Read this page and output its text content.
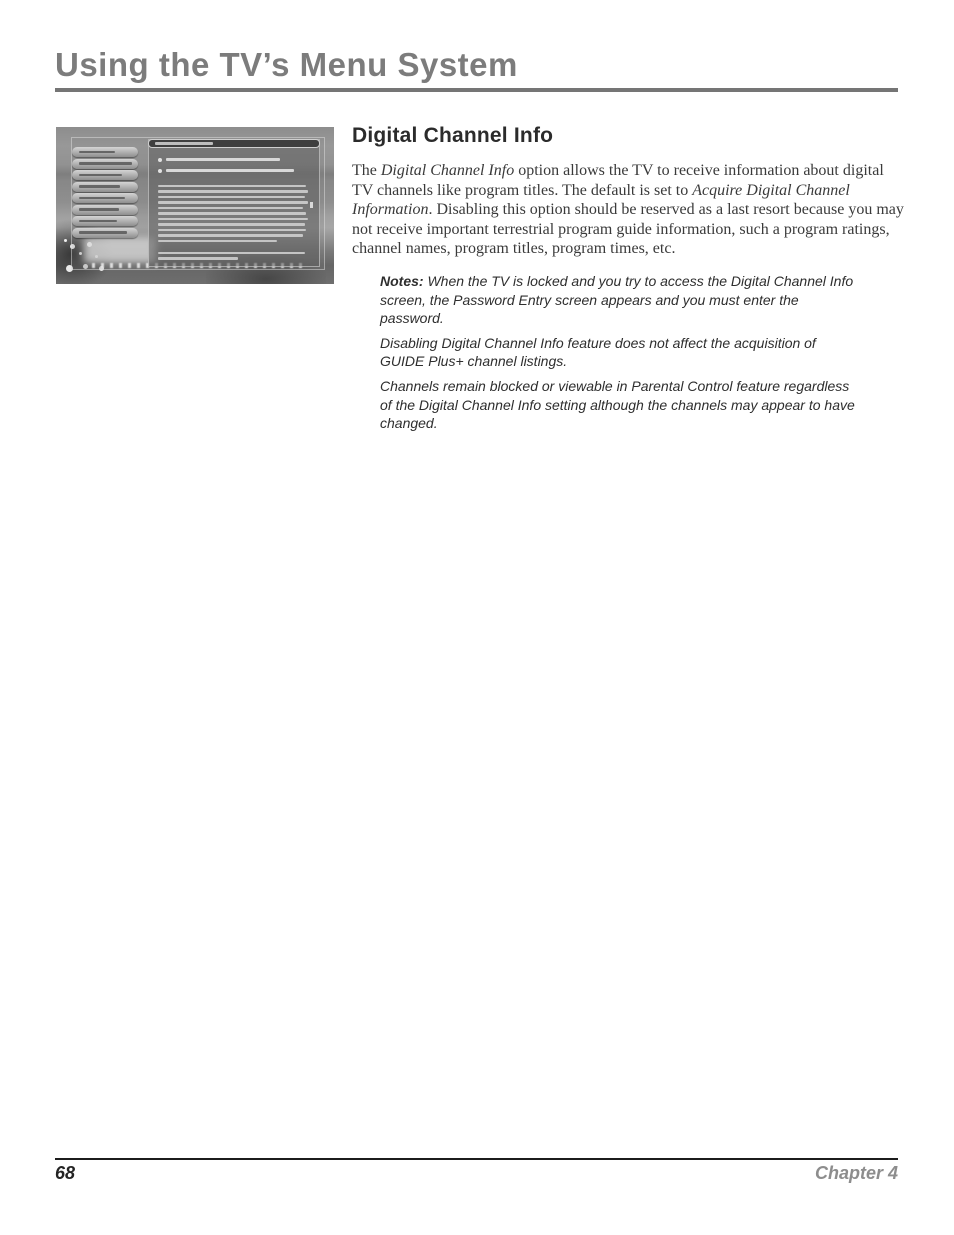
Using the TV’s Menu System
Digital Channel Info

The Digital Channel Info option allows the TV to receive information about digital TV channels like program titles. The default is set to Acquire Digital Channel Information. Disabling this option should be reserved as a last resort because you may not receive important terrestrial program guide information, such a program ratings, channel names, program titles, program times, etc.

Notes: When the TV is locked and you try to access the Digital Channel Info screen, the Password Entry screen appears and you must enter the password.

Disabling Digital Channel Info feature does not affect the acquisition of GUIDE Plus+ channel listings.

Channels remain blocked or viewable in Parental Control feature regardless of the Digital Channel Info setting although the channels may appear to have changed.

68	Chapter 4
